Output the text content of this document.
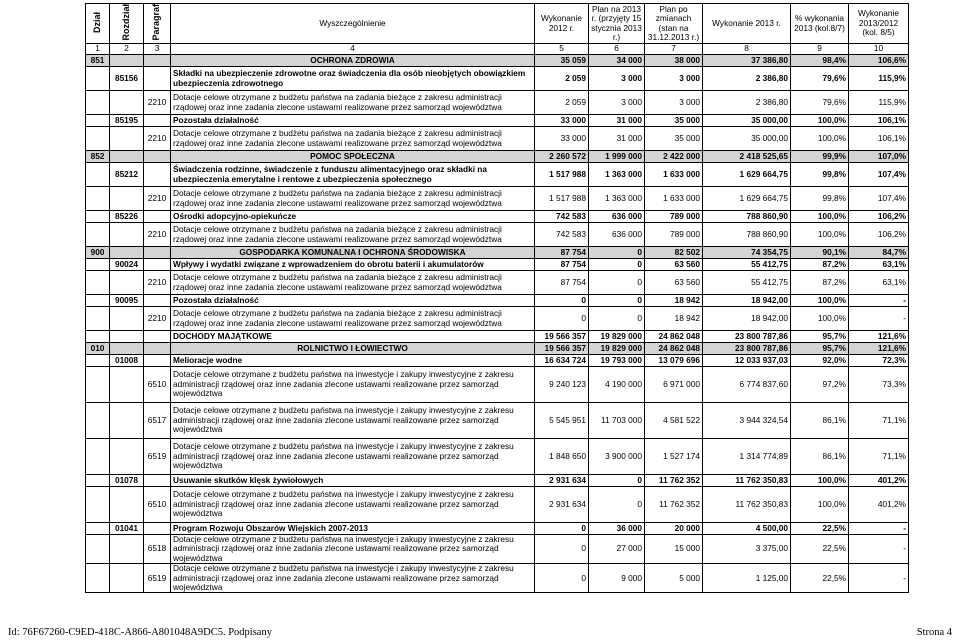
Dział	Rozdział	Paragraf	Wyszczególnienie	Wykonanie 2012 r.	Plan na 2013 r. (przyjęty 15 stycznia 2013 r.)	Plan po zmianach (stan na 31.12.2013 r.)	Wykonanie 2013 r.	% wykonania 2013 (kol.8/7)	Wykonanie 2013/2012 (kol. 8/5)
1	2	3	4	5	6	7	8	9	10
851			OCHRONA ZDROWIA	35 059	34 000	38 000	37 386,80	98,4%	106,6%
	85156		Składki na ubezpieczenie zdrowotne oraz świadczenia dla osób nieobjętych obowiązkiem ubezpieczenia zdrowotnego	2 059	3 000	3 000	2 386,80	79,6%	115,9%
		2210	Dotacje celowe otrzymane z budżetu państwa na zadania bieżące z zakresu administracji rządowej oraz inne zadania zlecone ustawami realizowane przez samorząd województwa	2 059	3 000	3 000	2 386,80	79,6%	115,9%
	85195		Pozostała działalność	33 000	31 000	35 000	35 000,00	100,0%	106,1%
		2210	Dotacje celowe otrzymane z budżetu państwa na zadania bieżące z zakresu administracji rządowej oraz inne zadania zlecone ustawami realizowane przez samorząd województwa	33 000	31 000	35 000	35 000,00	100,0%	106,1%
852			POMOC SPOŁECZNA	2 260 572	1 999 000	2 422 000	2 418 525,65	99,9%	107,0%
	85212		Świadczenia rodzinne, świadczenie z funduszu alimentacyjnego oraz składki na ubezpieczenia emerytalne i rentowe z ubezpieczenia społecznego	1 517 988	1 363 000	1 633 000	1 629 664,75	99,8%	107,4%
		2210	Dotacje celowe otrzymane z budżetu państwa na zadania bieżące z zakresu administracji rządowej oraz inne zadania zlecone ustawami realizowane przez samorząd województwa	1 517 988	1 363 000	1 633 000	1 629 664,75	99,8%	107,4%
	85226		Ośrodki adopcyjno-opiekuńcze	742 583	636 000	789 000	788 860,90	100,0%	106,2%
		2210	Dotacje celowe otrzymane z budżetu państwa na zadania bieżące z zakresu administracji rządowej oraz inne zadania zlecone ustawami realizowane przez samorząd województwa	742 583	636 000	789 000	788 860,90	100,0%	106,2%
900			GOSPODARKA KOMUNALNA I OCHRONA ŚRODOWISKA	87 754	0	82 502	74 354,75	90,1%	84,7%
	90024		Wpływy i wydatki związane z wprowadzeniem do obrotu baterii i akumulatorów	87 754	0	63 560	55 412,75	87,2%	63,1%
		2210	Dotacje celowe otrzymane z budżetu państwa na zadania bieżące z zakresu administracji rządowej oraz inne zadania zlecone ustawami realizowane przez samorząd województwa	87 754	0	63 560	55 412,75	87,2%	63,1%
	90095		Pozostała działalność	0	0	18 942	18 942,00	100,0%	-
		2210	Dotacje celowe otrzymane z budżetu państwa na zadania bieżące z zakresu administracji rządowej oraz inne zadania zlecone ustawami realizowane przez samorząd województwa	0	0	18 942	18 942,00	100,0%	-
			DOCHODY MAJĄTKOWE	19 566 357	19 829 000	24 862 048	23 800 787,86	95,7%	121,6%
010			ROLNICTWO I ŁOWIECTWO	19 566 357	19 829 000	24 862 048	23 800 787,86	95,7%	121,6%
	01008		Melioracje wodne	16 634 724	19 793 000	13 079 696	12 033 937,03	92,0%	72,3%
		6510	Dotacje celowe otrzymane z budżetu państwa na inwestycje i zakupy inwestycyjne z zakresu administracji rządowej oraz inne zadania zlecone ustawami realizowane przez samorząd województwa	9 240 123	4 190 000	6 971 000	6 774 837,60	97,2%	73,3%
		6517	Dotacje celowe otrzymane z budżetu państwa na inwestycje i zakupy inwestycyjne z zakresu administracji rządowej oraz inne zadania zlecone ustawami realizowane przez samorząd województwa	5 545 951	11 703 000	4 581 522	3 944 324,54	86,1%	71,1%
		6519	Dotacje celowe otrzymane z budżetu państwa na inwestycje i zakupy inwestycyjne z zakresu administracji rządowej oraz inne zadania zlecone ustawami realizowane przez samorząd województwa	1 848 650	3 900 000	1 527 174	1 314 774,89	86,1%	71,1%
	01078		Usuwanie skutków klęsk żywiołowych	2 931 634	0	11 762 352	11 762 350,83	100,0%	401,2%
		6510	Dotacje celowe otrzymane z budżetu państwa na inwestycje i zakupy inwestycyjne z zakresu administracji rządowej oraz inne zadania zlecone ustawami realizowane przez samorząd województwa	2 931 634	0	11 762 352	11 762 350,83	100,0%	401,2%
	01041		Program Rozwoju Obszarów Wiejskich 2007-2013	0	36 000	20 000	4 500,00	22,5%	-
		6518	Dotacje celowe otrzymane z budżetu państwa na inwestycje i zakupy inwestycyjne z zakresu administracji rządowej oraz inne zadania zlecone ustawami realizowane przez samorząd województwa	0	27 000	15 000	3 375,00	22,5%	-
		6519	Dotacje celowe otrzymane z budżetu państwa na inwestycje i zakupy inwestycyjne z zakresu administracji rządowej oraz inne zadania zlecone ustawami realizowane przez samorząd województwa	0	9 000	5 000	1 125,00	22,5%	-
Id: 76F67260-C9ED-418C-A866-A801048A9DC5. Podpisany	Strona 4
